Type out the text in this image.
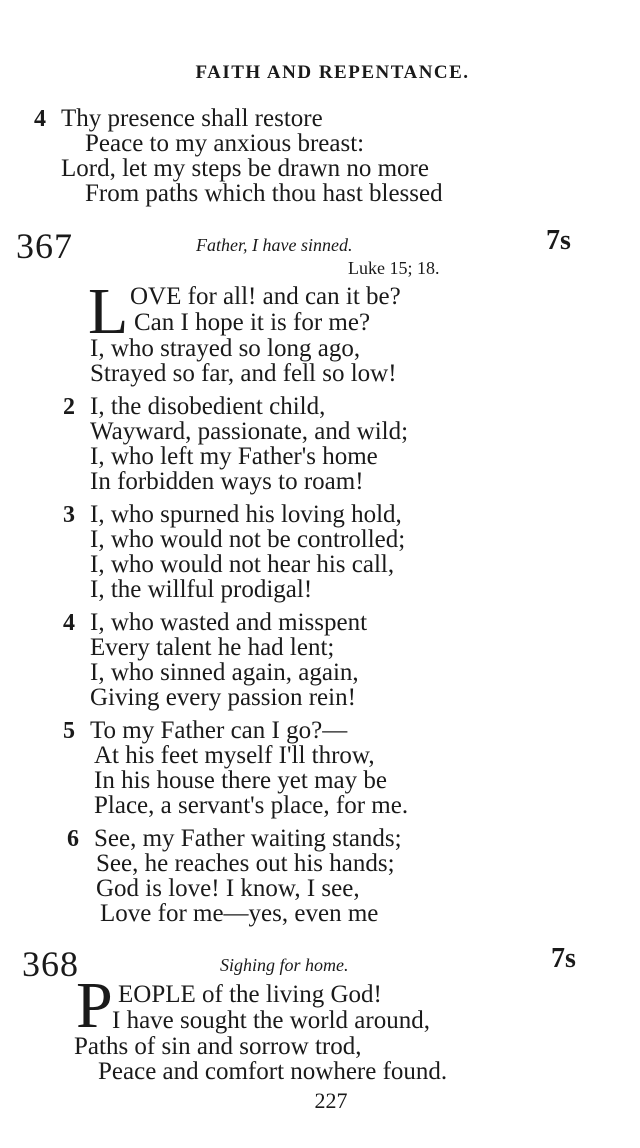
FAITH AND REPENTANCE.
4 Thy presence shall restore
Peace to my anxious breast:
Lord, let my steps be drawn no more
From paths which thou hast blessed
367	Father, I have sinned.
Luke 15; 18.
7s
L OVE for all! and can it be?
Can I hope it is for me?
I, who strayed so long ago,
Strayed so far, and fell so low!
2 I, the disobedient child,
Wayward, passionate, and wild;
I, who left my Father's home
In forbidden ways to roam!
3 I, who spurned his loving hold,
I, who would not be controlled;
I, who would not hear his call,
I, the willful prodigal!
4 I, who wasted and misspent
Every talent he had lent;
I, who sinned again, again,
Giving every passion rein!
5 To my Father can I go?—
At his feet myself I'll throw,
In his house there yet may be
Place, a servant's place, for me.
6 See, my Father waiting stands;
See, he reaches out his hands;
God is love! I know, I see,
Love for me—yes, even me
368	Sighing for home.	7s
P EOPLE of the living God!
I have sought the world around,
Paths of sin and sorrow trod,
Peace and comfort nowhere found.
227
